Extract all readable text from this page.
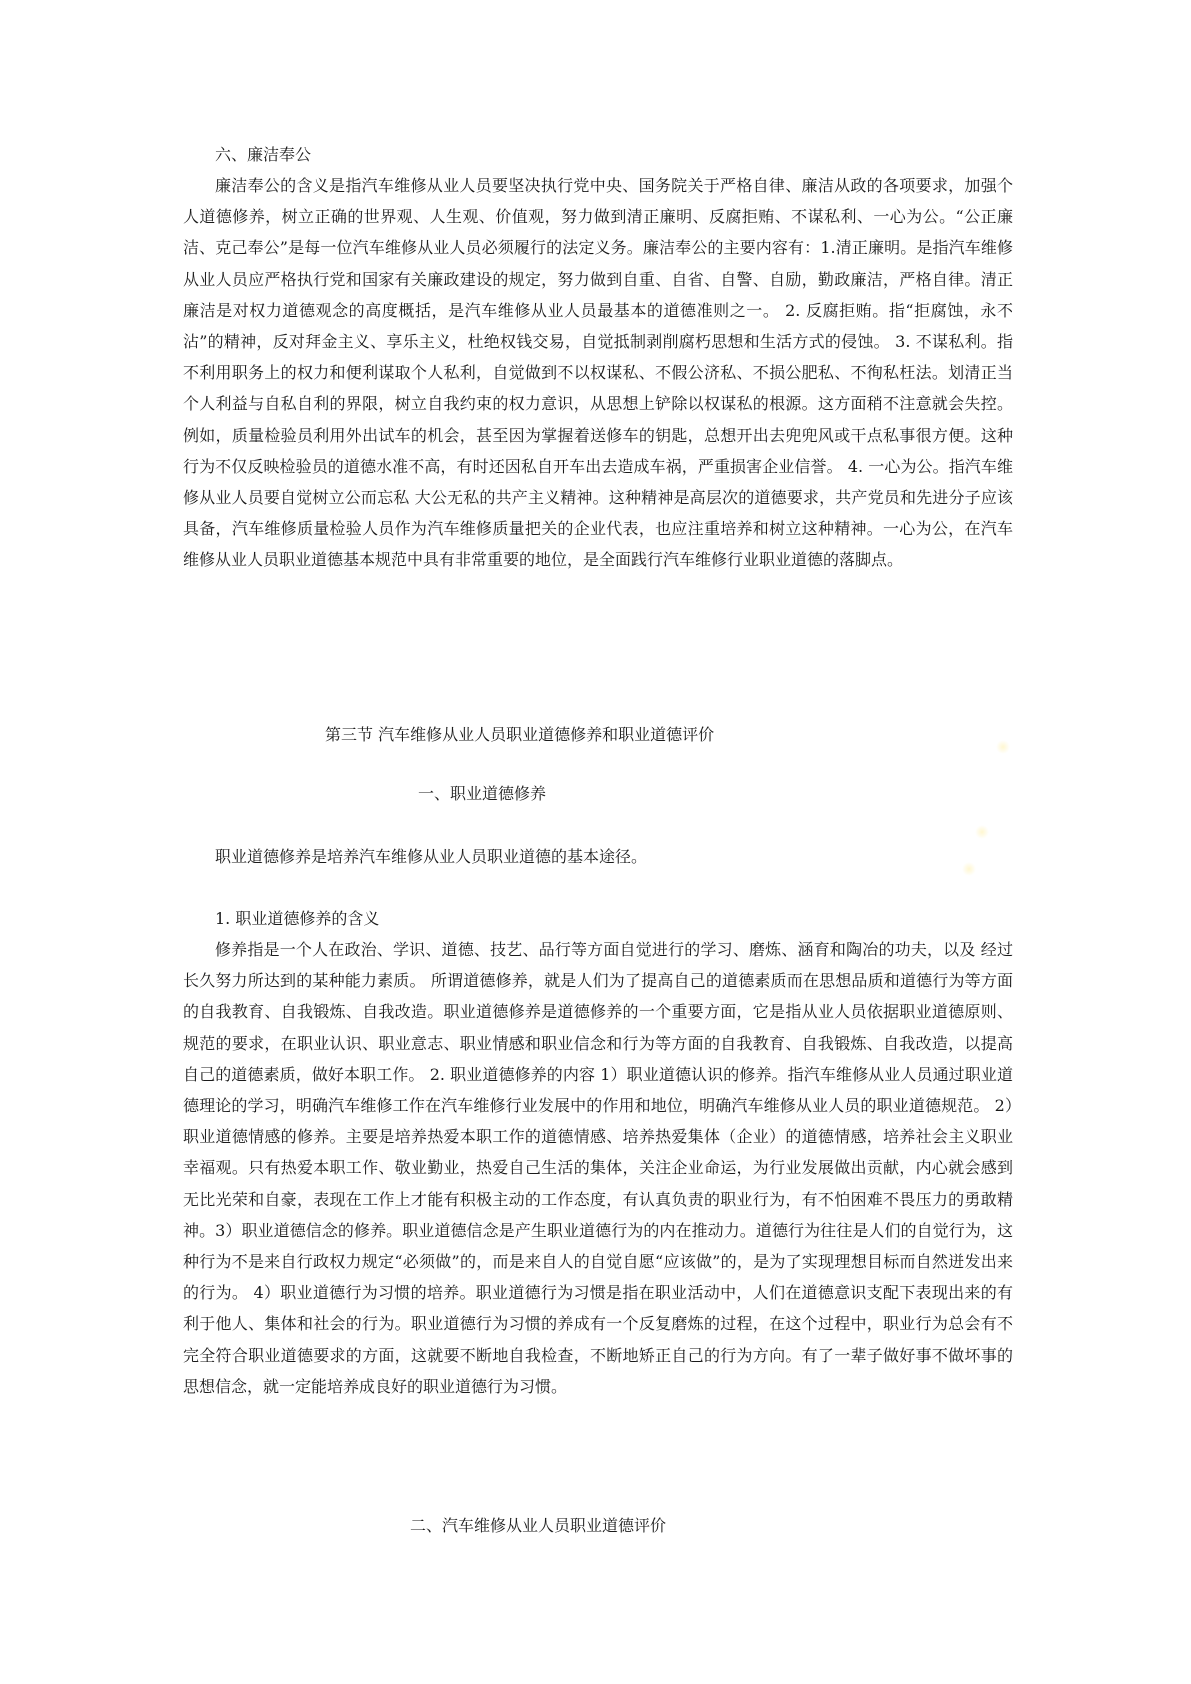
六、廉洁奉公

廉洁奉公的含义是指汽车维修从业人员要坚决执行党中央、国务院关于严格自律、廉洁从政的各项要求，加强个人道德修养，树立正确的世界观、人生观、价值观，努力做到清正廉明、反腐拒贿、不谋私利、一心为公。“公正廉洁、克己奉公”是每一位汽车维修从业人员必须履行的法定义务。廉洁奉公的主要内容有：1.清正廉明。是指汽车维修从业人员应严格执行党和国家有关廉政建设的规定，努力做到自重、自省、自警、自励，勤政廉洁，严格自律。清正廉洁是对权力道德观念的高度概括，是汽车维修从业人员最基本的道德准则之一。 2. 反腐拒贿。指“拒腐蚀，永不沾”的精神，反对拜金主义、享乐主义，杜绝权钱交易，自觉抵制剥削腐朽思想和生活方式的侵蚀。 3. 不谋私利。指不利用职务上的权力和便利谋取个人私利，自觉做到不以权谋私、不假公济私、不损公肥私、不徇私枉法。划清正当个人利益与自私自利的界限，树立自我约束的权力意识，从思想上铲除以权谋私的根源。这方面稍不注意就会失控。例如，质量检验员利用外出试车的机会，甚至因为掌握着送修车的钥匙，总想开出去兜兜风或干点私事很方便。这种行为不仅反映检验员的道德水准不高，有时还因私自开车出去造成车祸，严重损害企业信誉。 4. 一心为公。指汽车维修从业人员要自觉树立公而忘私 大公无私的共产主义精神。这种精神是高层次的道德要求，共产党员和先进分子应该具备，汽车维修质量检验人员作为汽车维修质量把关的企业代表，也应注重培养和树立这种精神。一心为公，在汽车维修从业人员职业道德基本规范中具有非常重要的地位，是全面践行汽车维修行业职业道德的落脚点。

第三节 汽车维修从业人员职业道德修养和职业道德评价
一、职业道德修养

职业道德修养是培养汽车维修从业人员职业道德的基本途径。

1. 职业道德修养的含义

修养指是一个人在政治、学识、道德、技艺、品行等方面自觉进行的学习、磨炼、涵育和陶冶的功夫，以及 经过长久努力所达到的某种能力素质。 所谓道德修养，就是人们为了提高自己的道德素质而在思想品质和道德行为等方面的自我教育、自我锻炼、自我改造。职业道德修养是道德修养的一个重要方面，它是指从业人员依据职业道德原则、规范的要求，在职业认识、职业意志、职业情感和职业信念和行为等方面的自我教育、自我锻炼、自我改造，以提高自己的道德素质，做好本职工作。 2. 职业道德修养的内容 1）职业道德认识的修养。指汽车维修从业人员通过职业道德理论的学习，明确汽车维修工作在汽车维修行业发展中的作用和地位，明确汽车维修从业人员的职业道德规范。 2）职业道德情感的修养。主要是培养热爱本职工作的道德情感、培养热爱集体（企业）的道德情感，培养社会主义职业幸福观。只有热爱本职工作、敬业勤业，热爱自己生活的集体，关注企业命运，为行业发展做出贡献，内心就会感到无比光荣和自豪，表现在工作上才能有积极主动的工作态度，有认真负责的职业行为，有不怕困难不畏压力的勇敢精神。3）职业道德信念的修养。职业道德信念是产生职业道德行为的内在推动力。道德行为往往是人们的自觉行为，这种行为不是来自行政权力规定“必须做”的，而是来自人的自觉自愿“应该做”的，是为了实现理想目标而自然迸发出来的行为。 4）职业道德行为习惯的培养。职业道德行为习惯是指在职业活动中，人们在道德意识支配下表现出来的有利于他人、集体和社会的行为。职业道德行为习惯的养成有一个反复磨炼的过程，在这个过程中，职业行为总会有不完全符合职业道德要求的方面，这就要不断地自我检查，不断地矫正自己的行为方向。有了一辈子做好事不做坏事的思想信念，就一定能培养成良好的职业道德行为习惯。

二、汽车维修从业人员职业道德评价
